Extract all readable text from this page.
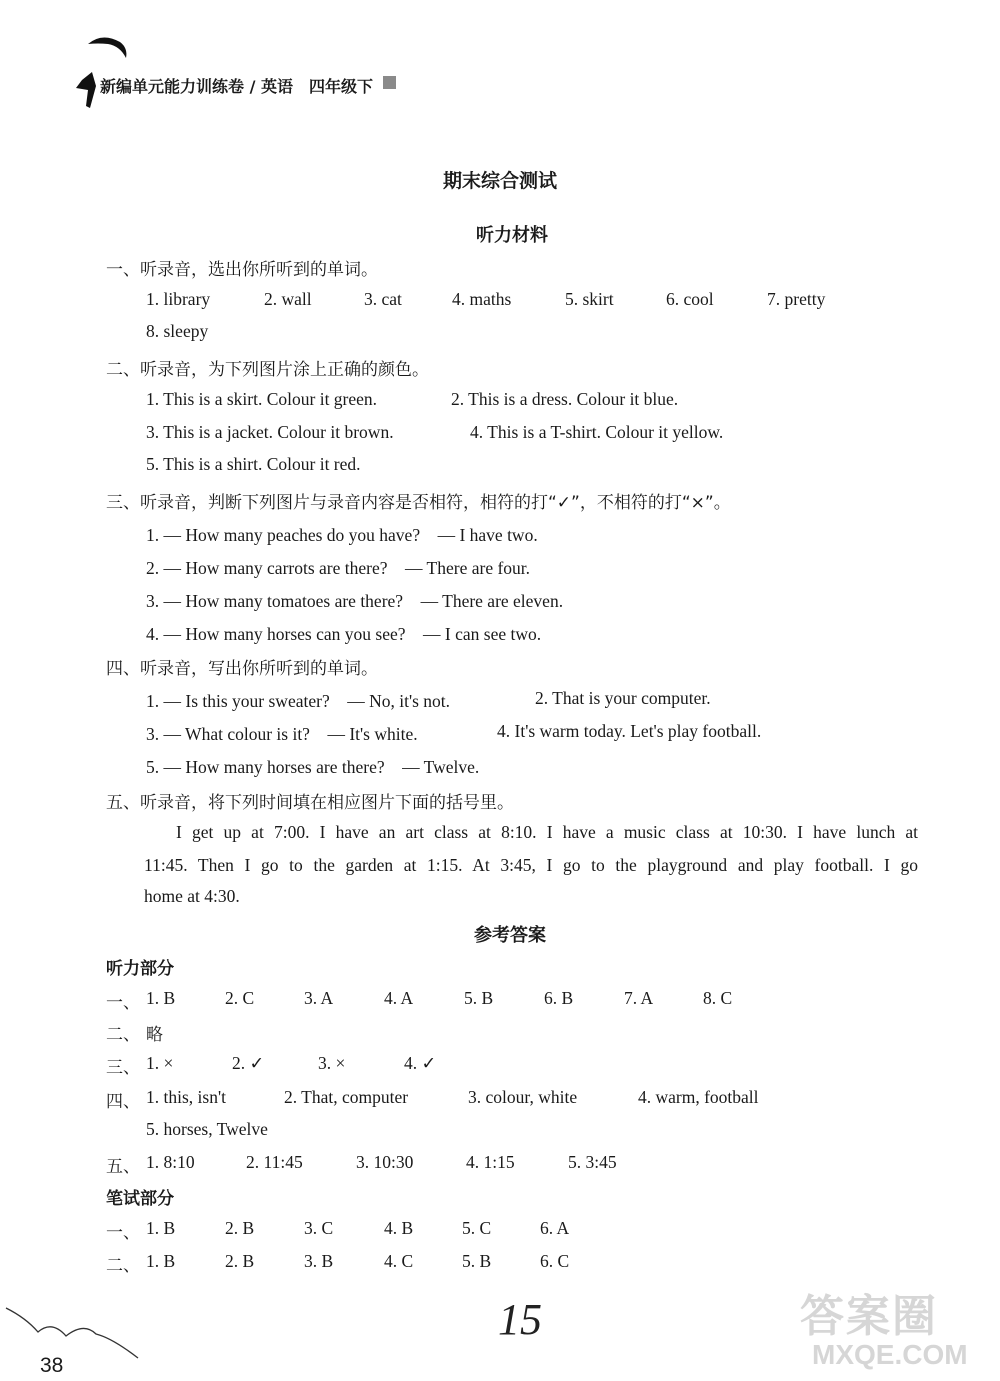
新编单元能力训练卷 / 英语　四年级下
期末综合测试
听力材料
一、听录音，选出你所听到的单词。
1. library	2. wall	3. cat	4. maths	5. skirt	6. cool	7. pretty
8. sleepy
二、听录音，为下列图片涂上正确的颜色。
1. This is a skirt. Colour it green.	2. This is a dress. Colour it blue.
3. This is a jacket. Colour it brown.	4. This is a T-shirt. Colour it yellow.
5. This is a shirt. Colour it red.
三、听录音，判断下列图片与录音内容是否相符，相符的打“✓”，不相符的打“×”。
1. — How many peaches do you have?　— I have two.
2. — How many carrots are there?　— There are four.
3. — How many tomatoes are there?　— There are eleven.
4. — How many horses can you see?　— I can see two.
四、听录音，写出你所听到的单词。
1. — Is this your sweater?　— No, it's not.	2. That is your computer.
3. — What colour is it?　— It's white.	4. It's warm today. Let's play football.
5. — How many horses are there?　— Twelve.
五、听录音，将下列时间填在相应图片下面的括号里。
I get up at 7:00. I have an art class at 8:10. I have a music class at 10:30. I have lunch at
11:45. Then I go to the garden at 1:15. At 3:45, I go to the playground and play football. I go
home at 4:30.
参考答案
听力部分
一、 1. B	2. C	3. A	4. A	5. B	6. B	7. A	8. C
二、 略
三、 1. ×	2. ✓	3. ×	4. ✓
四、 1. this, isn't	2. That, computer	3. colour, white	4. warm, football
5. horses, Twelve
五、 1. 8:10	2. 11:45	3. 10:30	4. 1:15	5. 3:45
笔试部分
一、 1. B	2. B	3. C	4. B	5. C	6. A
二、 1. B	2. B	3. B	4. C	5. B	6. C
15	答案圈
MXQE.COM
38
